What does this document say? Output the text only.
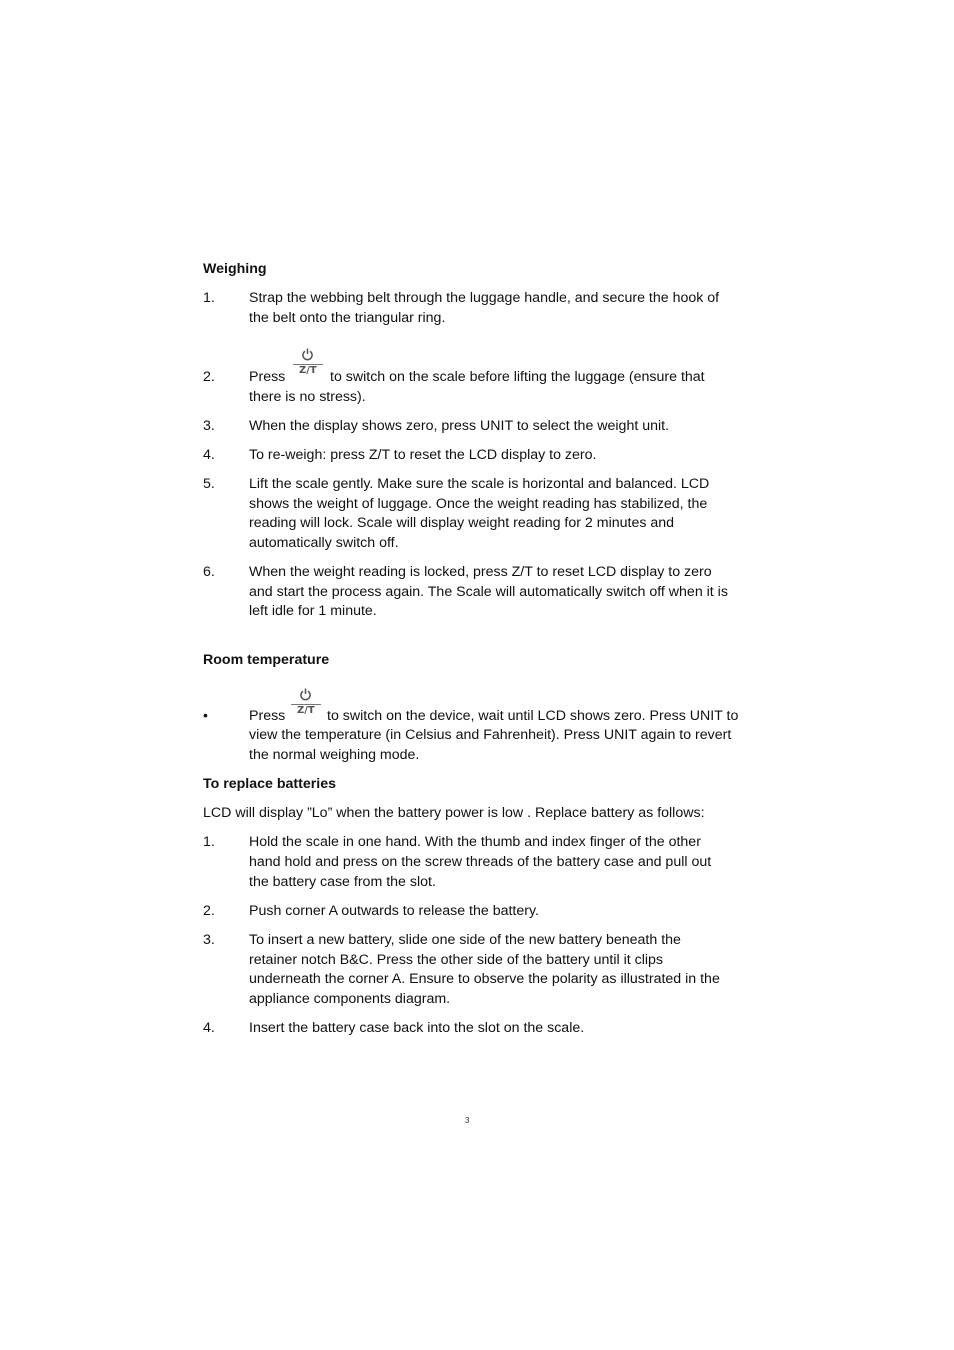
Weighing
1. Strap the webbing belt through the luggage handle, and secure the hook of
the belt onto the triangular ring.
2. Press Z/T to switch on the scale before lifting the luggage (ensure that
there is no stress).
3. When the display shows zero, press UNIT to select the weight unit.
4. To re-weigh: press Z/T to reset the LCD display to zero.
5. Lift the scale gently. Make sure the scale is horizontal and balanced. LCD
shows the weight of luggage. Once the weight reading has stabilized, the
reading will lock. Scale will display weight reading for 2 minutes and
automatically switch off.
6. When the weight reading is locked, press Z/T to reset LCD display to zero
and start the process again. The Scale will automatically switch off when it is
left idle for 1 minute.
Room temperature
•	Press Z/T to switch on the device, wait until LCD shows zero. Press UNIT to
view the temperature (in Celsius and Fahrenheit). Press UNIT again to revert
the normal weighing mode.
To replace batteries
LCD will display ”Lo” when the battery power is low . Replace battery as follows:
1. Hold the scale in one hand. With the thumb and index finger of the other
hand hold and press on the screw threads of the battery case and pull out
the battery case from the slot.
2. Push corner A outwards to release the battery.
3. To insert a new battery, slide one side of the new battery beneath the
retainer notch B&C. Press the other side of the battery until it clips
underneath the corner A. Ensure to observe the polarity as illustrated in the
appliance components diagram.
4. Insert the battery case back into the slot on the scale.
3
